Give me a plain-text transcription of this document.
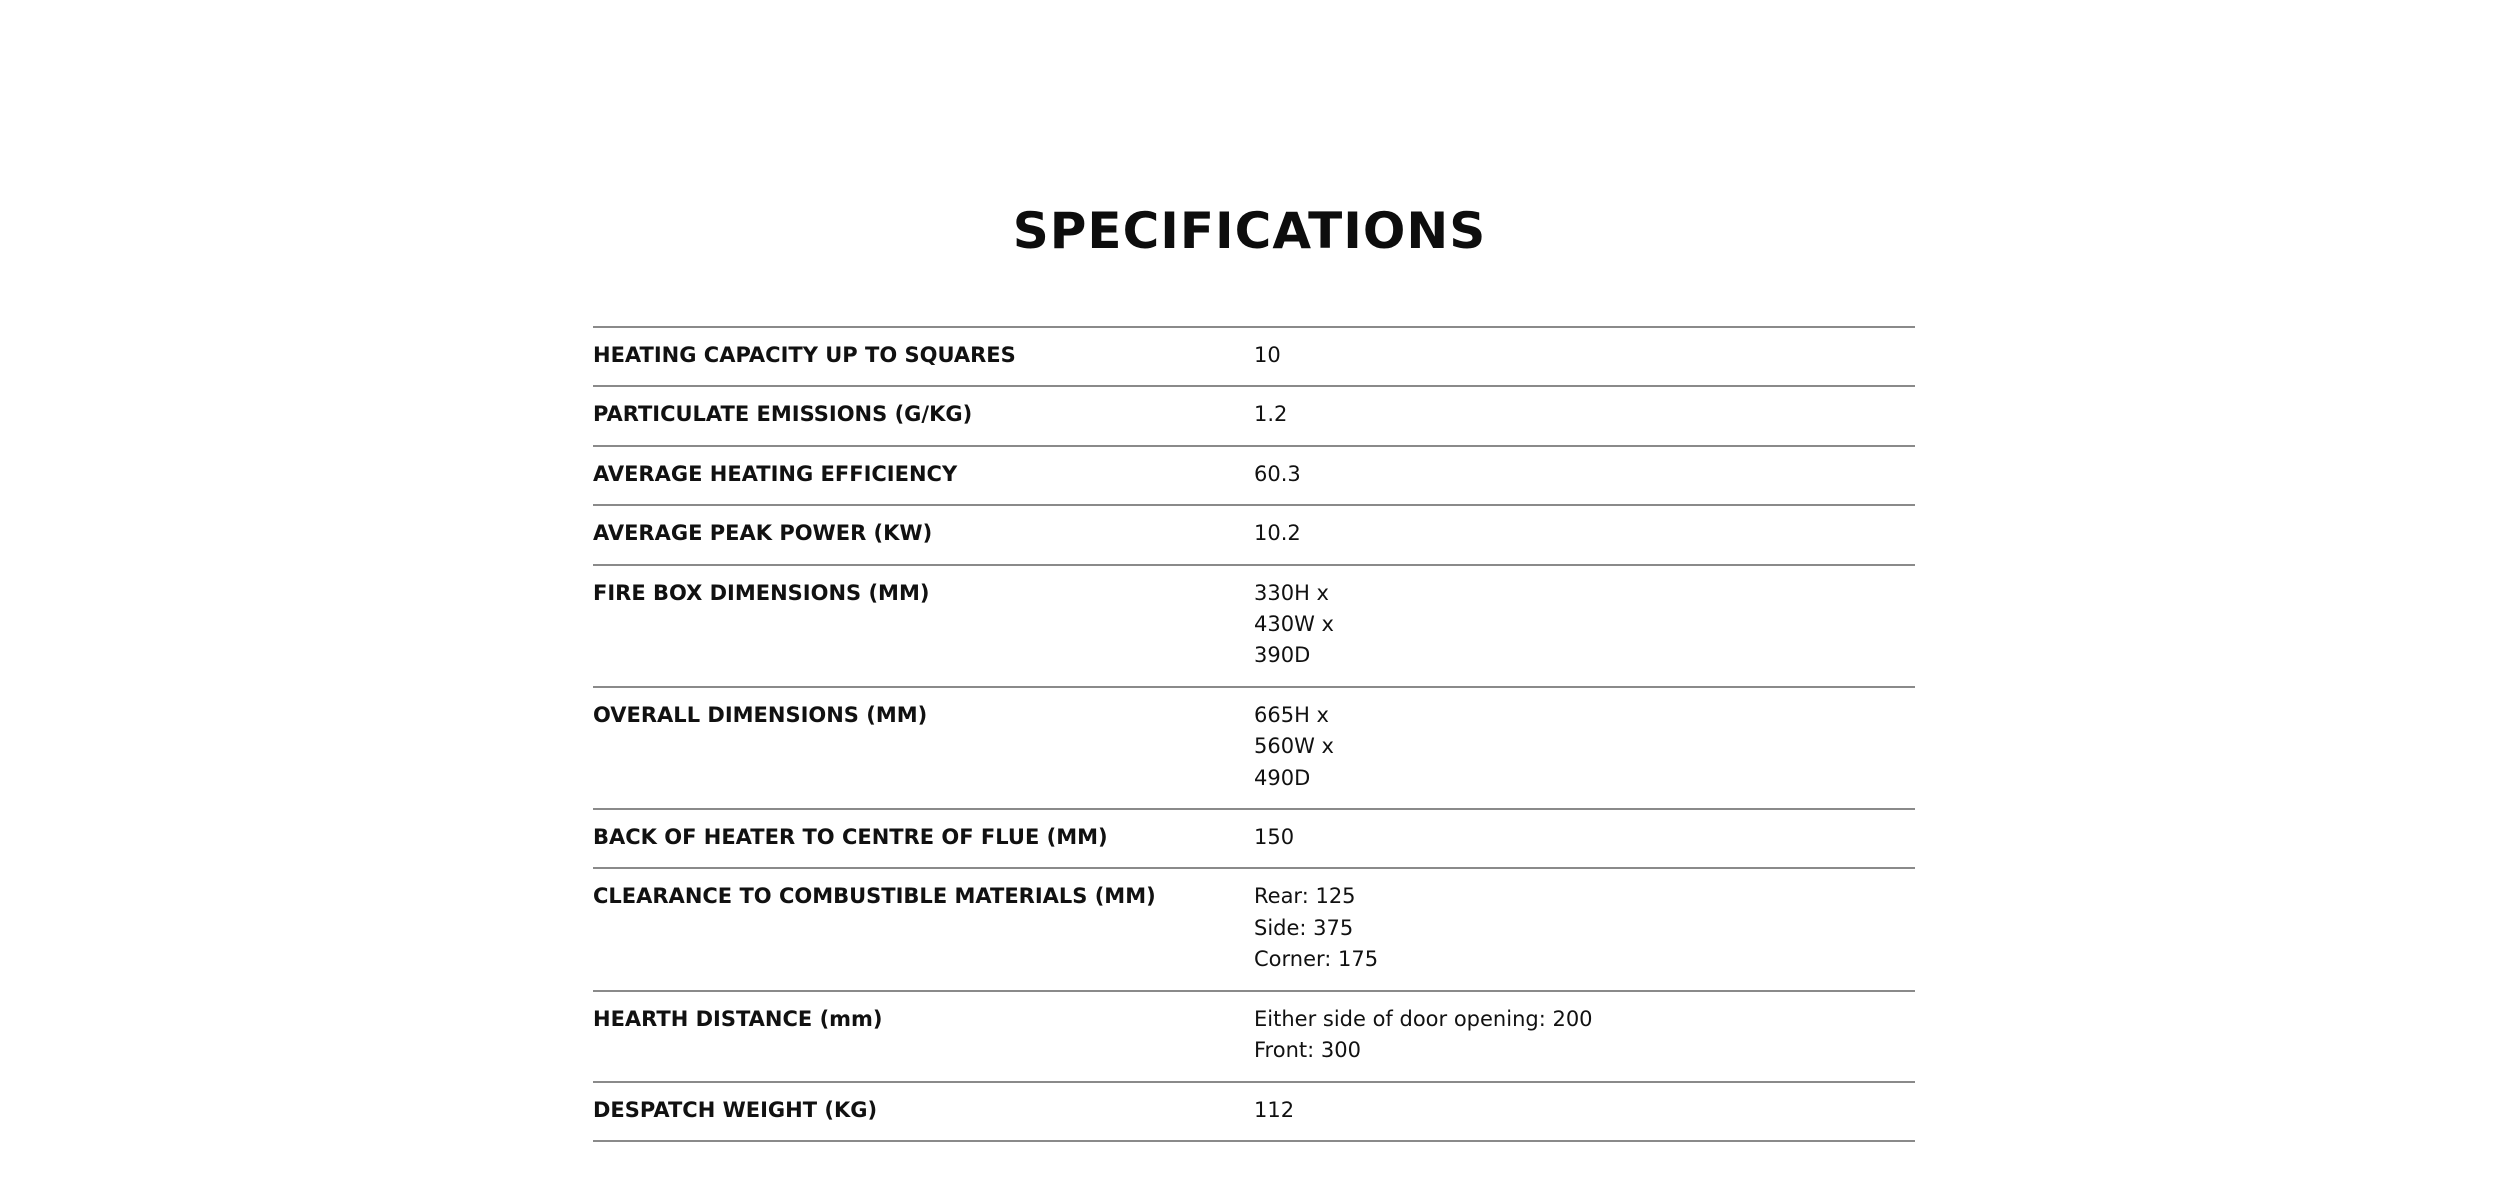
SPECIFICATIONS
HEATING CAPACITY UP TO SQUARES	10
PARTICULATE EMISSIONS (G/KG)	1.2
AVERAGE HEATING EFFICIENCY	60.3
AVERAGE PEAK POWER (KW)	10.2
FIRE BOX DIMENSIONS (MM)	330H x
430W x
390D
OVERALL DIMENSIONS (MM)	665H x
560W x
490D
BACK OF HEATER TO CENTRE OF FLUE (MM)	150
CLEARANCE TO COMBUSTIBLE MATERIALS (MM)	Rear: 125
Side: 375
Corner: 175
HEARTH DISTANCE (mm)	Either side of door opening: 200
Front: 300
DESPATCH WEIGHT (KG)	112
